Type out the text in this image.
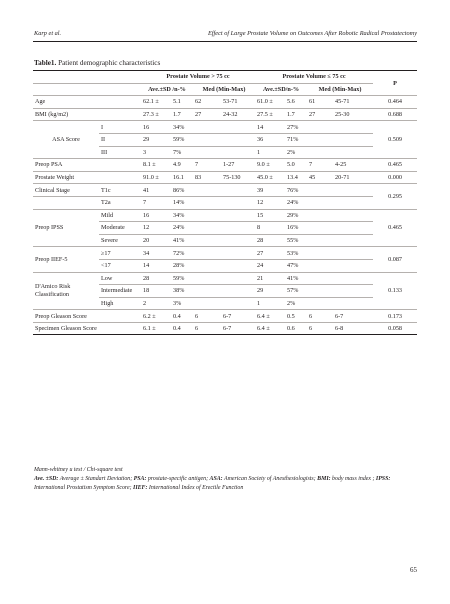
Karp et al.	Effect of Large Prostate Volume on Outcomes After Robotic Radical Prostatectomy
Table1. Patient demographic characteristics
		Prostate Volume > 75 cc				Prostate Volume ≤ 75 cc				P
		Ave.±SD /n-%		Med (Min-Max)		Ave.±SD/n-%		Med (Min-Max)		
Age		62.1 ±	5.1	62	53-71	61.0 ±	5.6	61	45-71	0.464
BMI (kg/m2)		27.3 ±	1.7	27	24-32	27.5 ±	1.7	27	25-30	0.688
ASA Score	I	16	34%			14	27%			0.509
	II	29	59%			36	71%			
	III	3	7%			1	2%			
Preop PSA		8.1 ±	4.9	7	1-27	9.0 ±	5.0	7	4-25	0.465
Prostate Weight		91.0 ±	16.1	83	75-130	45.0 ±	13.4	45	20-71	0.000
Clinical Stage	T1c	41	86%			39	76%			0.295
	T2a	7	14%			12	24%			
Preop IPSS	Mild	16	34%			15	29%			0.465
	Moderate	12	24%			8	16%			
	Severe	20	41%			28	55%			
Preop IIEF-5	≥17	34	72%			27	53%			0.087
	<17	14	28%			24	47%			
D'Amico Risk Classification	Low	28	59%			21	41%			0.133
	Intermediate	18	38%			29	57%			
	High	2	3%			1	2%			
Preop Gleason Score		6.2 ±	0.4	6	6-7	6.4 ±	0.5	6	6-7	0.173
Specimen Gleason Score		6.1 ±	0.4	6	6-7	6.4 ±	0.6	6	6-8	0.058
Mann-whitney u test / Chi-square test
Ave. ±SD: Average ± Standart Deviation; PSA: prostate-specific antigen; ASA: American Society of Anesthesiologists; BMI: body mass index ; IPSS: International Prostatism Symptom Score; IIEF: International Index of Erectile Function
65
